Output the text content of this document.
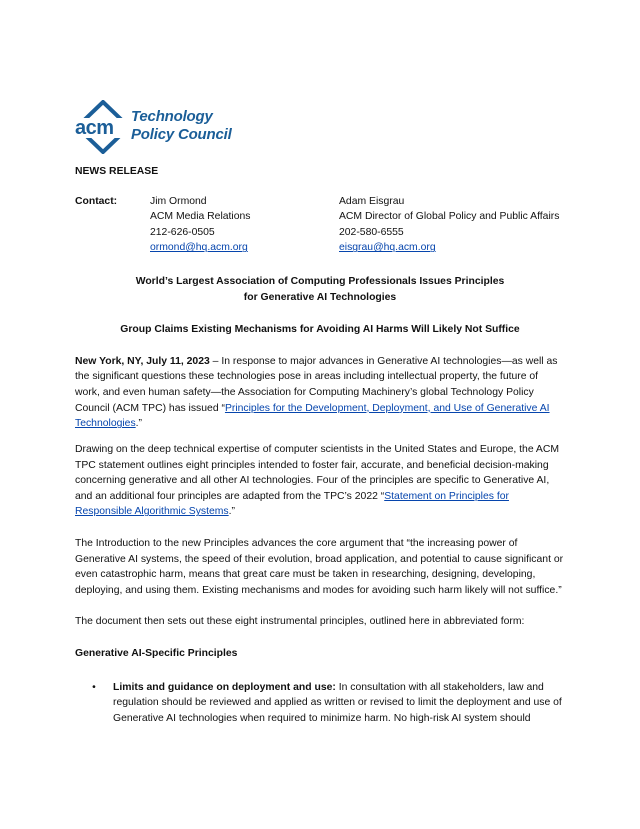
acm
Technology
Policy Council

NEWS RELEASE

Contact:	Jim Ormond
ACM Media Relations
212-626-0505
ormond@hq.acm.org
Adam Eisgrau
ACM Director of Global Policy and Public Affairs
202-580-6555
eisgrau@hq.acm.org
World’s Largest Association of Computing Professionals Issues Principles
for Generative AI Technologies
Group Claims Existing Mechanisms for Avoiding AI Harms Will Likely Not Suffice

New York, NY, July 11, 2023 – In response to major advances in Generative AI technologies—as well as the significant questions these technologies pose in areas including intellectual property, the future of work, and even human safety—the Association for Computing Machinery’s global Technology Policy Council (ACM TPC) has issued “Principles for the Development, Deployment, and Use of Generative AI Technologies.”

Drawing on the deep technical expertise of computer scientists in the United States and Europe, the ACM TPC statement outlines eight principles intended to foster fair, accurate, and beneficial decision-making concerning generative and all other AI technologies. Four of the principles are specific to Generative AI, and an additional four principles are adapted from the TPC’s 2022 “Statement on Principles for Responsible Algorithmic Systems.”

The Introduction to the new Principles advances the core argument that “the increasing power of Generative AI systems, the speed of their evolution, broad application, and potential to cause significant or even catastrophic harm, means that great care must be taken in researching, designing, developing, deploying, and using them. Existing mechanisms and modes for avoiding such harm likely will not suffice.”

The document then sets out these eight instrumental principles, outlined here in abbreviated form:

Generative AI-Specific Principles

•	Limits and guidance on deployment and use: In consultation with all stakeholders, law and regulation should be reviewed and applied as written or revised to limit the deployment and use of Generative AI technologies when required to minimize harm. No high-risk AI system should
